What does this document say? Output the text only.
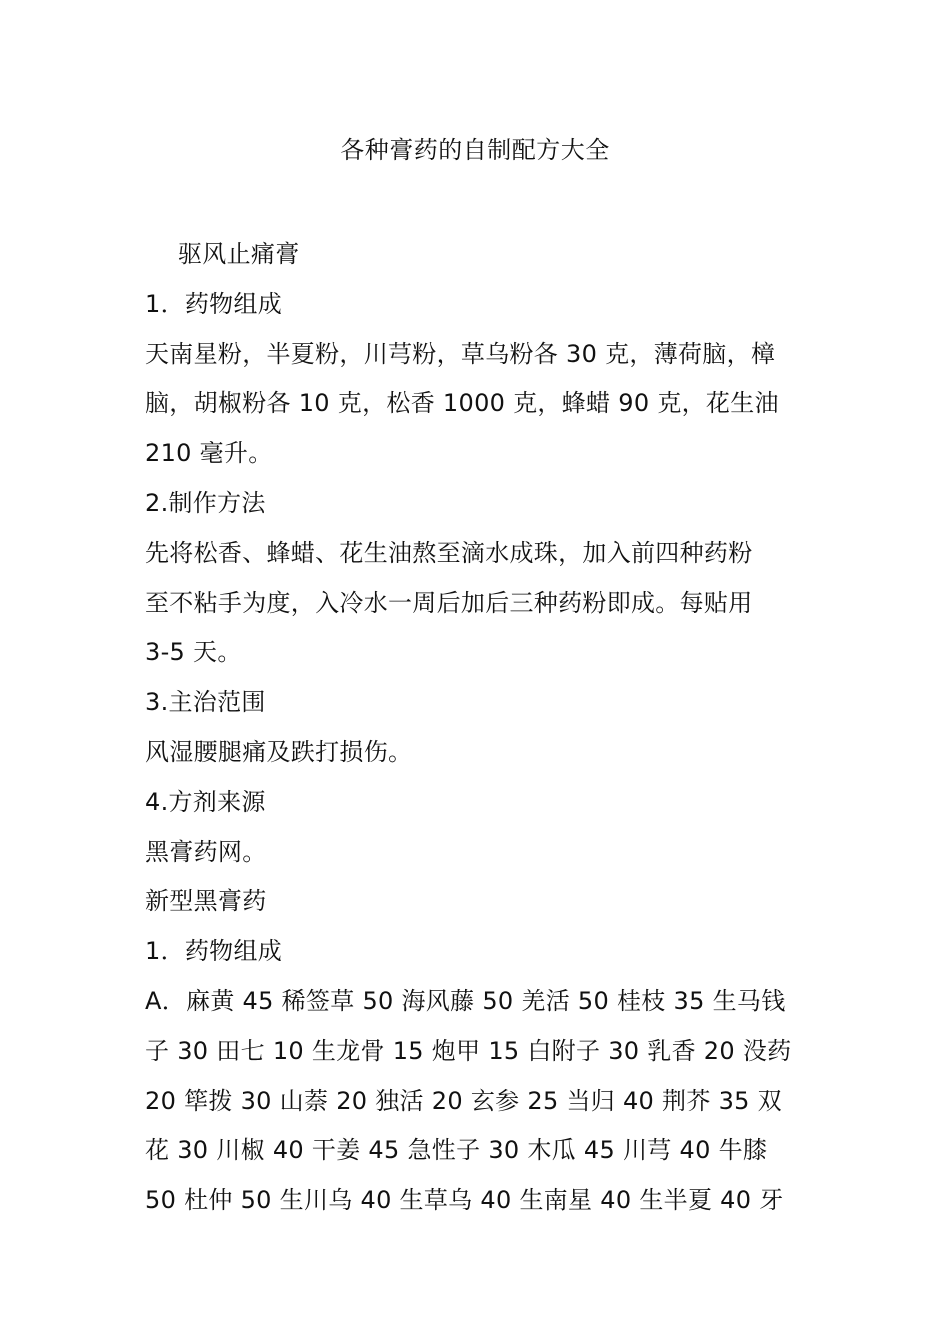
各种膏药的自制配方大全
驱风止痛膏
1．药物组成
天南星粉，半夏粉，川芎粉，草乌粉各 30 克，薄荷脑，樟
脑，胡椒粉各 10 克，松香 1000 克，蜂蜡 90 克，花生油
210 毫升。
2.制作方法
先将松香、蜂蜡、花生油熬至滴水成珠，加入前四种药粉
至不粘手为度，入冷水一周后加后三种药粉即成。每贴用
3-5 天。
3.主治范围
风湿腰腿痛及跌打损伤。
4.方剂来源
黑膏药网。
新型黑膏药
1．药物组成
A．麻黄 45 稀签草 50 海风藤 50 羌活 50 桂枝 35 生马钱
子 30 田七 10 生龙骨 15 炮甲 15 白附子 30 乳香 20 没药
20 筚拨 30 山萘 20 独活 20 玄参 25 当归 40 荆芥 35 双
花 30 川椒 40 干姜 45 急性子 30 木瓜 45 川芎 40 牛膝
50 杜仲 50 生川乌 40 生草乌 40 生南星 40 生半夏 40 牙
